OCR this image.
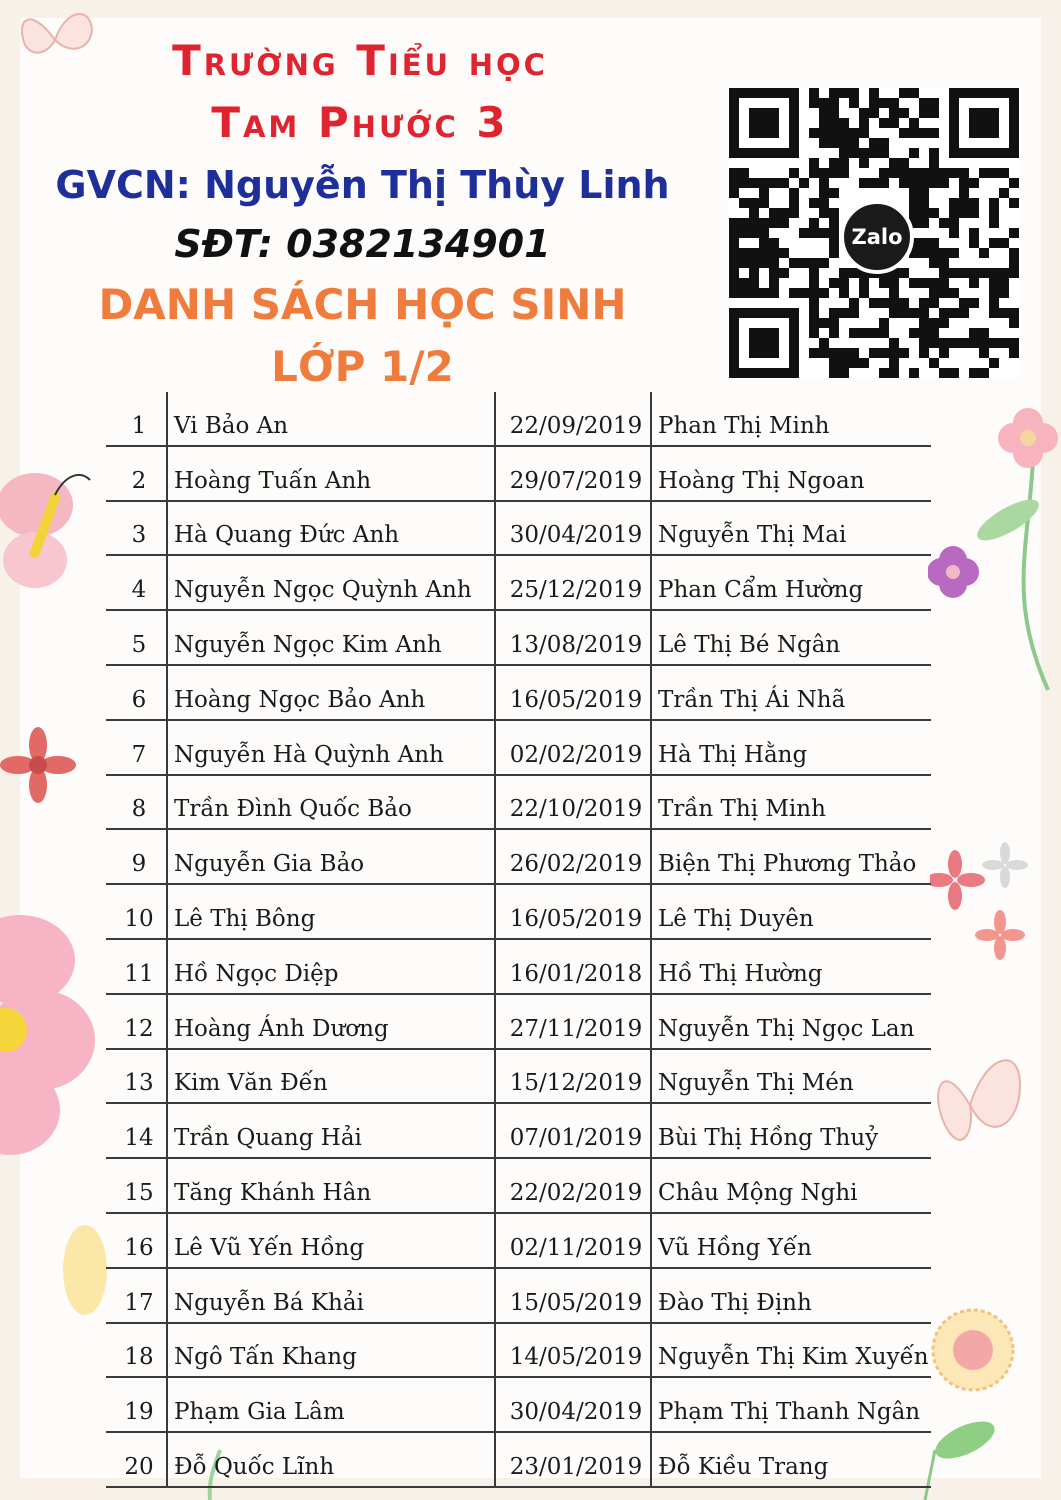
Trường Tiểu học
Tam Phước 3
GVCN: Nguyễn Thị Thùy Linh
SĐT: 0382134901
DANH SÁCH HỌC SINH
LỚP 1/2
Zalo
1	Vi Bảo An	22/09/2019	Phan Thị Minh
2	Hoàng Tuấn Anh	29/07/2019	Hoàng Thị Ngoan
3	Hà Quang Đức Anh	30/04/2019	Nguyễn Thị Mai
4	Nguyễn Ngọc Quỳnh Anh	25/12/2019	Phan Cẩm Hường
5	Nguyễn Ngọc Kim Anh	13/08/2019	Lê Thị Bé Ngân
6	Hoàng Ngọc Bảo Anh	16/05/2019	Trần Thị Ái Nhã
7	Nguyễn Hà Quỳnh Anh	02/02/2019	Hà Thị Hằng
8	Trần Đình Quốc Bảo	22/10/2019	Trần Thị Minh
9	Nguyễn Gia Bảo	26/02/2019	Biện Thị Phương Thảo
10	Lê Thị Bông	16/05/2019	Lê Thị Duyên
11	Hồ Ngọc Diệp	16/01/2018	Hồ Thị Hường
12	Hoàng Ánh Dương	27/11/2019	Nguyễn Thị Ngọc Lan
13	Kim Văn Đến	15/12/2019	Nguyễn Thị Mén
14	Trần Quang Hải	07/01/2019	Bùi Thị Hồng Thuỷ
15	Tăng Khánh Hân	22/02/2019	Châu Mộng Nghi
16	Lê Vũ Yến Hồng	02/11/2019	Vũ Hồng Yến
17	Nguyễn Bá Khải	15/05/2019	Đào Thị Định
18	Ngô Tấn Khang	14/05/2019	Nguyễn Thị Kim Xuyến
19	Phạm Gia Lâm	30/04/2019	Phạm Thị Thanh Ngân
20	Đỗ Quốc Lĩnh	23/01/2019	Đỗ Kiều Trang
